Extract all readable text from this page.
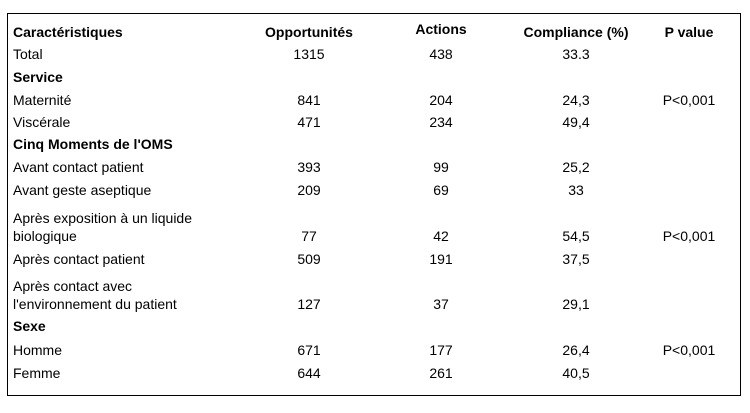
Caractéristiques	Opportunités	Actions	Compliance (%)	P value
Total	1315	438	33.3
Service
Maternité	841	204	24,3	P<0,001
Viscérale	471	234	49,4
Cinq Moments de l'OMS
Avant contact patient	393	99	25,2
Avant geste aseptique	209	69	33
Après exposition à un liquide
biologique	77	42	54,5	P<0,001
Après contact patient	509	191	37,5
Après contact avec
l'environnement du patient	127	37	29,1
Sexe
Homme	671	177	26,4	P<0,001
Femme	644	261	40,5
